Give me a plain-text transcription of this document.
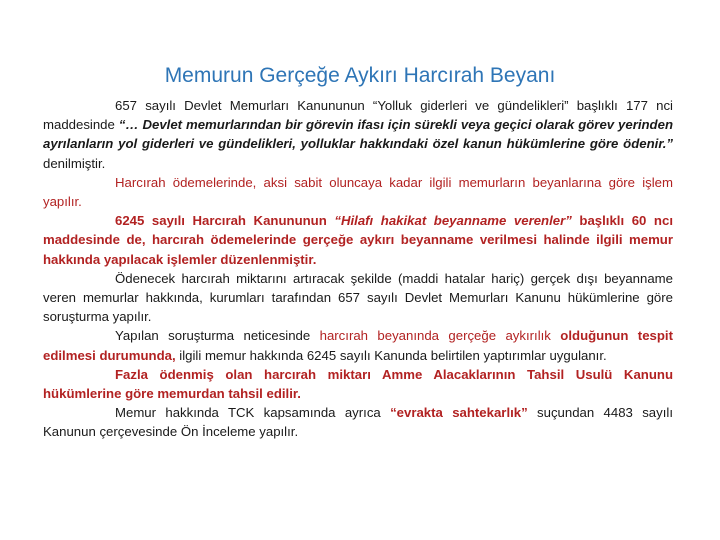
Memurun Gerçeğe Aykırı Harcırah Beyanı

657 sayılı Devlet Memurları Kanununun “Yolluk giderleri ve gündelikleri” başlıklı 177 nci maddesinde “… Devlet memurlarından bir görevin ifası için sürekli veya geçici olarak görev yerinden ayrılanların yol giderleri ve gündelikleri, yolluklar hakkındaki özel kanun hükümlerine göre ödenir.” denilmiştir.

Harcırah ödemelerinde, aksi sabit oluncaya kadar ilgili memurların beyanlarına göre işlem yapılır.

6245 sayılı Harcırah Kanununun “Hilafı hakikat beyanname verenler” başlıklı 60 ncı maddesinde de, harcırah ödemelerinde gerçeğe aykırı beyanname verilmesi halinde ilgili memur hakkında yapılacak işlemler düzenlenmiştir.

Ödenecek harcırah miktarını artıracak şekilde (maddi hatalar hariç) gerçek dışı beyanname veren memurlar hakkında, kurumları tarafından 657 sayılı Devlet Memurları Kanunu hükümlerine göre soruşturma yapılır.

Yapılan soruşturma neticesinde harcırah beyanında gerçeğe aykırılık olduğunun tespit edilmesi durumunda, ilgili memur hakkında 6245 sayılı Kanunda belirtilen yaptırımlar uygulanır.

Fazla ödenmiş olan harcırah miktarı Amme Alacaklarının Tahsil Usulü Kanunu hükümlerine göre memurdan tahsil edilir.

Memur hakkında TCK kapsamında ayrıca “evrakta sahtekarlık” suçundan 4483 sayılı Kanunun çerçevesinde Ön İnceleme yapılır.
